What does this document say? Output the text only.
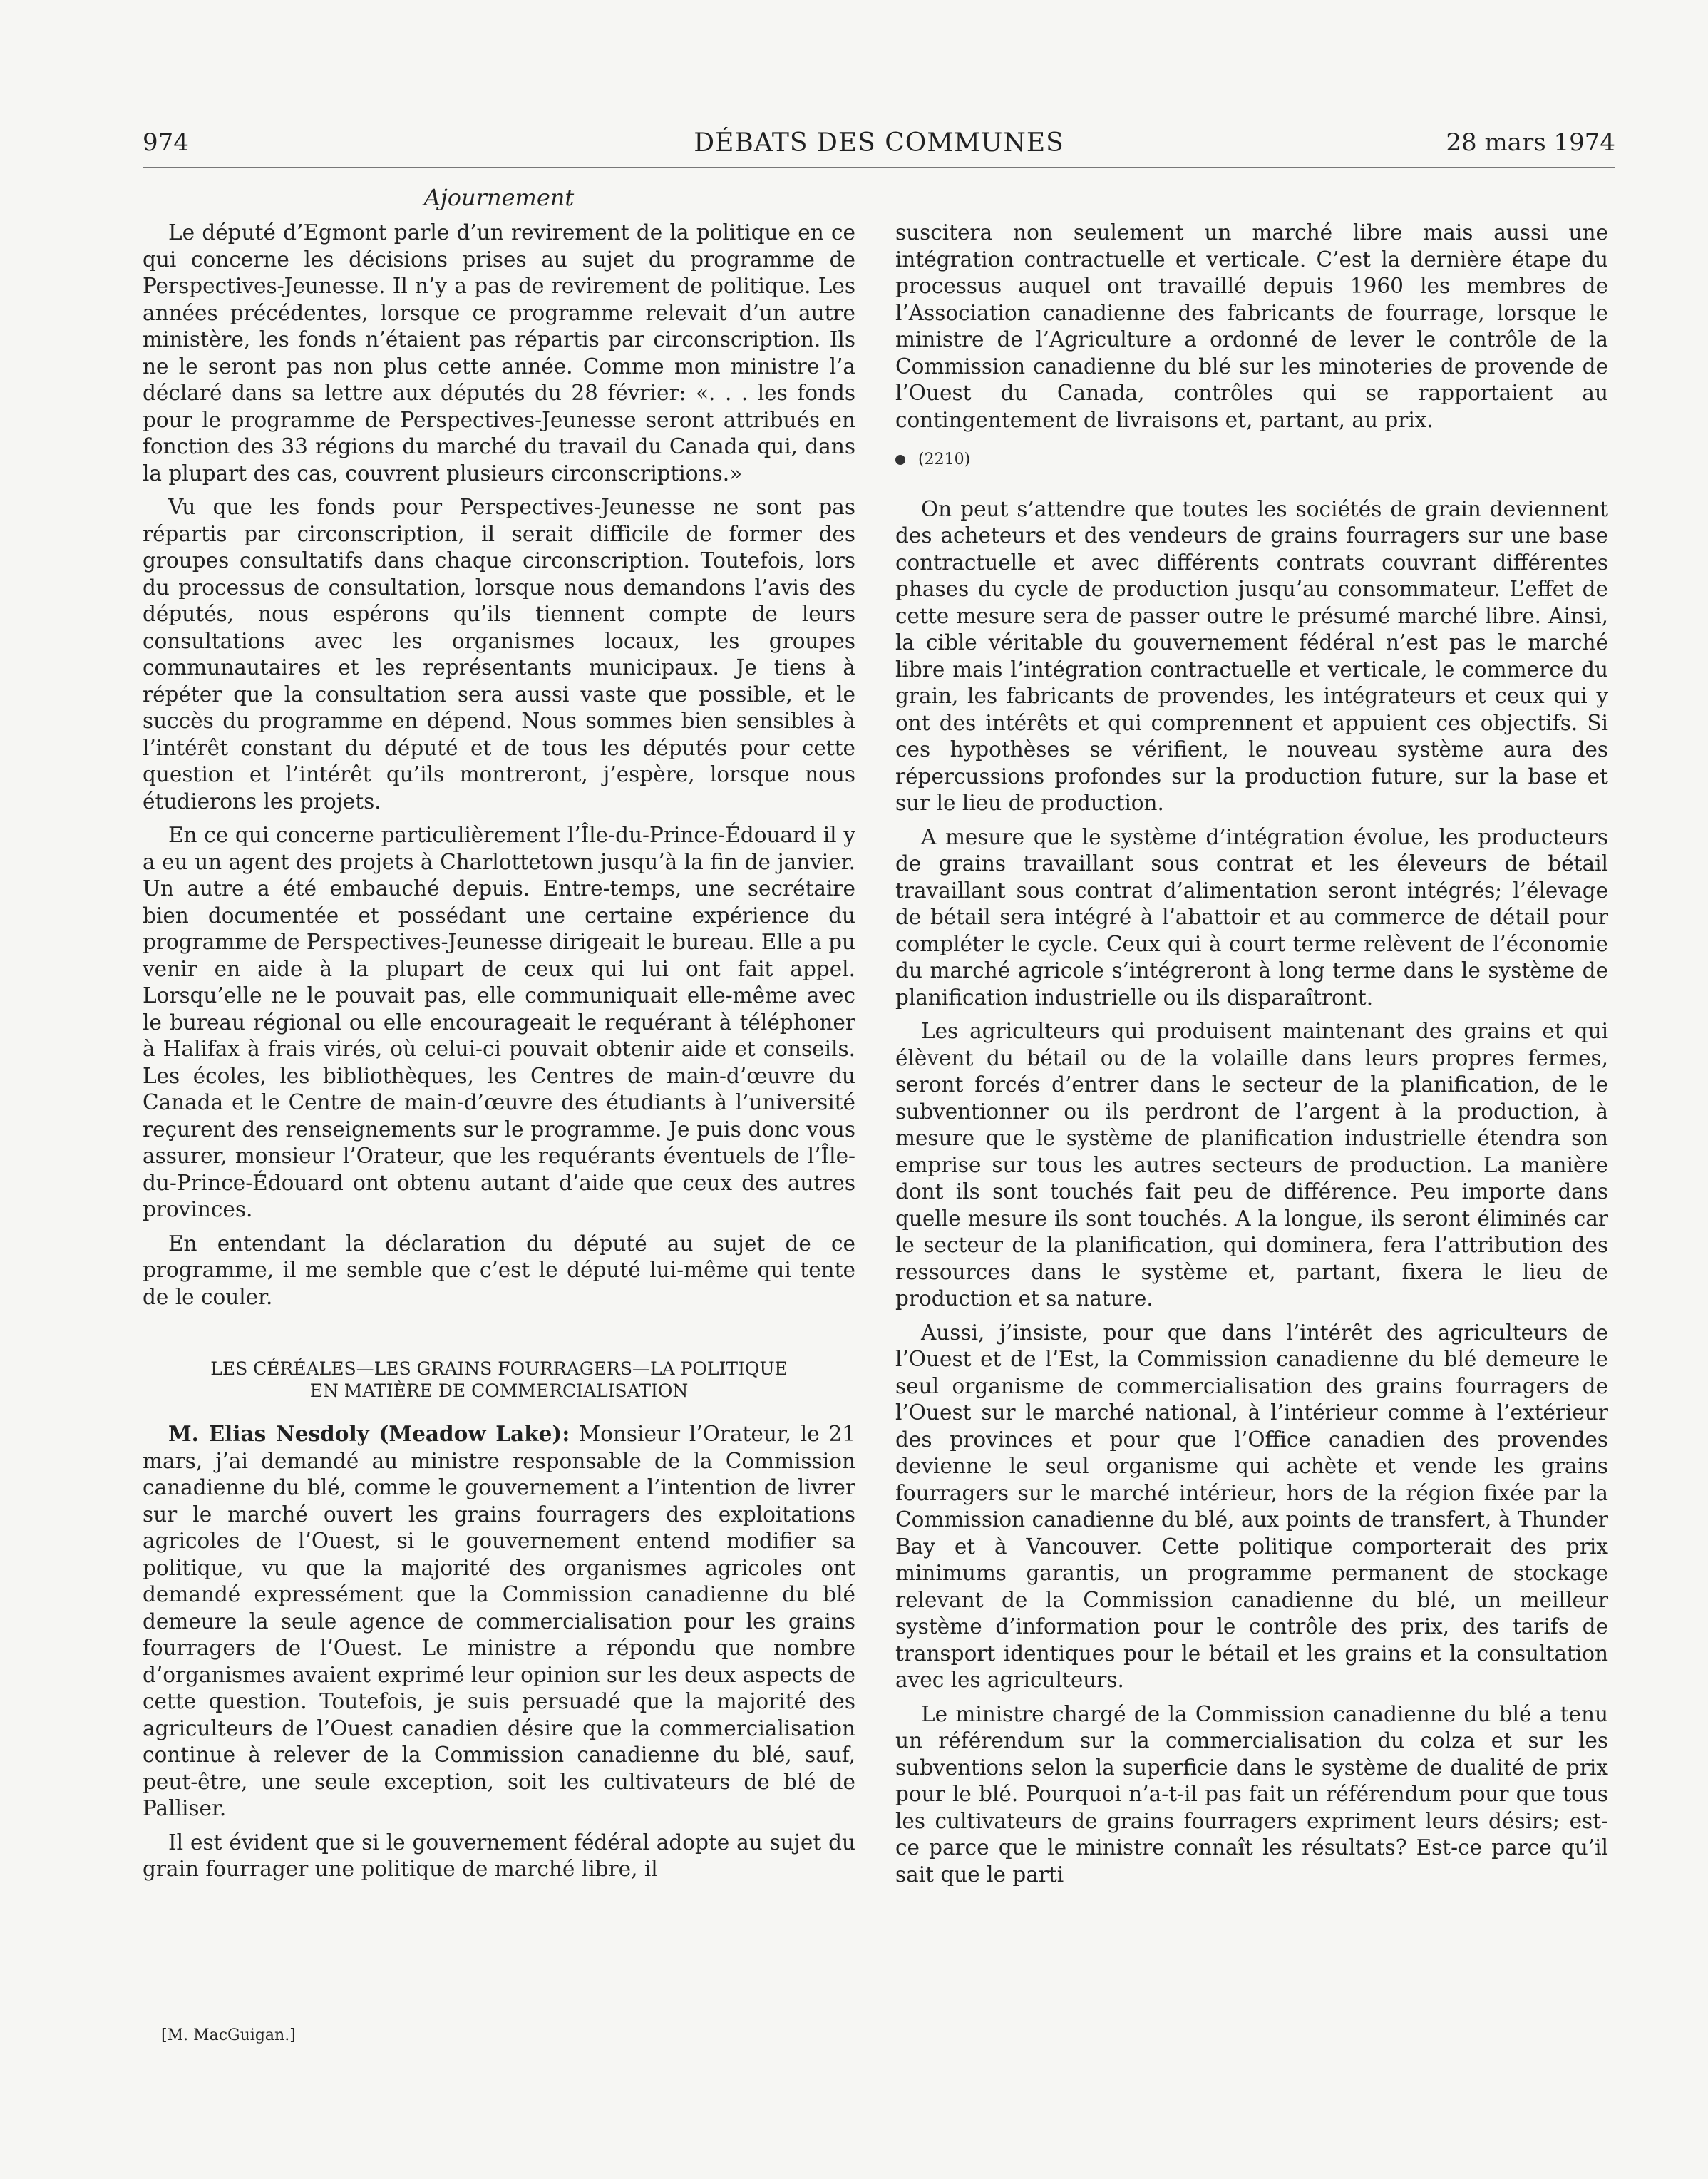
974	DÉBATS DES COMMUNES	28 mars 1974
Ajournement

Le député d’Egmont parle d’un revirement de la politique en ce qui concerne les décisions prises au sujet du programme de Perspectives-Jeunesse. Il n’y a pas de revirement de politique. Les années précédentes, lorsque ce programme relevait d’un autre ministère, les fonds n’étaient pas répartis par circonscription. Ils ne le seront pas non plus cette année. Comme mon ministre l’a déclaré dans sa lettre aux députés du 28 février: «. . . les fonds pour le programme de Perspectives-Jeunesse seront attribués en fonction des 33 régions du marché du travail du Canada qui, dans la plupart des cas, couvrent plusieurs circonscriptions.»

Vu que les fonds pour Perspectives-Jeunesse ne sont pas répartis par circonscription, il serait difficile de former des groupes consultatifs dans chaque circonscription. Toutefois, lors du processus de consultation, lorsque nous demandons l’avis des députés, nous espérons qu’ils tiennent compte de leurs consultations avec les organismes locaux, les groupes communautaires et les représentants municipaux. Je tiens à répéter que la consultation sera aussi vaste que possible, et le succès du programme en dépend. Nous sommes bien sensibles à l’intérêt constant du député et de tous les députés pour cette question et l’intérêt qu’ils montreront, j’espère, lorsque nous étudierons les projets.

En ce qui concerne particulièrement l’Île-du-Prince-Édouard il y a eu un agent des projets à Charlottetown jusqu’à la fin de janvier. Un autre a été embauché depuis. Entre-temps, une secrétaire bien documentée et possédant une certaine expérience du programme de Perspectives-Jeunesse dirigeait le bureau. Elle a pu venir en aide à la plupart de ceux qui lui ont fait appel. Lorsqu’elle ne le pouvait pas, elle communiquait elle-même avec le bureau régional ou elle encourageait le requérant à téléphoner à Halifax à frais virés, où celui-ci pouvait obtenir aide et conseils. Les écoles, les bibliothèques, les Centres de main-d’œuvre du Canada et le Centre de main-d’œuvre des étudiants à l’université reçurent des renseignements sur le programme. Je puis donc vous assurer, monsieur l’Orateur, que les requérants éventuels de l’Île-du-Prince-Édouard ont obtenu autant d’aide que ceux des autres provinces.

En entendant la déclaration du député au sujet de ce programme, il me semble que c’est le député lui-même qui tente de le couler.

LES CÉRÉALES—LES GRAINS FOURRAGERS—LA POLITIQUE
EN MATIÈRE DE COMMERCIALISATION

M. Elias Nesdoly (Meadow Lake): Monsieur l’Orateur, le 21 mars, j’ai demandé au ministre responsable de la Commission canadienne du blé, comme le gouvernement a l’intention de livrer sur le marché ouvert les grains fourragers des exploitations agricoles de l’Ouest, si le gouvernement entend modifier sa politique, vu que la majorité des organismes agricoles ont demandé expressément que la Commission canadienne du blé demeure la seule agence de commercialisation pour les grains fourragers de l’Ouest. Le ministre a répondu que nombre d’organismes avaient exprimé leur opinion sur les deux aspects de cette question. Toutefois, je suis persuadé que la majorité des agriculteurs de l’Ouest canadien désire que la commercialisation continue à relever de la Commission canadienne du blé, sauf, peut-être, une seule exception, soit les cultivateurs de blé de Palliser.

Il est évident que si le gouvernement fédéral adopte au sujet du grain fourrager une politique de marché libre, il

[M. MacGuigan.]

suscitera non seulement un marché libre mais aussi une intégration contractuelle et verticale. C’est la dernière étape du processus auquel ont travaillé depuis 1960 les membres de l’Association canadienne des fabricants de fourrage, lorsque le ministre de l’Agriculture a ordonné de lever le contrôle de la Commission canadienne du blé sur les minoteries de provende de l’Ouest du Canada, contrôles qui se rapportaient au contingentement de livraisons et, partant, au prix.

(2210)

On peut s’attendre que toutes les sociétés de grain deviennent des acheteurs et des vendeurs de grains fourragers sur une base contractuelle et avec différents contrats couvrant différentes phases du cycle de production jusqu’au consommateur. L’effet de cette mesure sera de passer outre le présumé marché libre. Ainsi, la cible véritable du gouvernement fédéral n’est pas le marché libre mais l’intégration contractuelle et verticale, le commerce du grain, les fabricants de provendes, les intégrateurs et ceux qui y ont des intérêts et qui comprennent et appuient ces objectifs. Si ces hypothèses se vérifient, le nouveau système aura des répercussions profondes sur la production future, sur la base et sur le lieu de production.

A mesure que le système d’intégration évolue, les producteurs de grains travaillant sous contrat et les éleveurs de bétail travaillant sous contrat d’alimentation seront intégrés; l’élevage de bétail sera intégré à l’abattoir et au commerce de détail pour compléter le cycle. Ceux qui à court terme relèvent de l’économie du marché agricole s’intégreront à long terme dans le système de planification industrielle ou ils disparaîtront.

Les agriculteurs qui produisent maintenant des grains et qui élèvent du bétail ou de la volaille dans leurs propres fermes, seront forcés d’entrer dans le secteur de la planification, de le subventionner ou ils perdront de l’argent à la production, à mesure que le système de planification industrielle étendra son emprise sur tous les autres secteurs de production. La manière dont ils sont touchés fait peu de différence. Peu importe dans quelle mesure ils sont touchés. A la longue, ils seront éliminés car le secteur de la planification, qui dominera, fera l’attribution des ressources dans le système et, partant, fixera le lieu de production et sa nature.

Aussi, j’insiste, pour que dans l’intérêt des agriculteurs de l’Ouest et de l’Est, la Commission canadienne du blé demeure le seul organisme de commercialisation des grains fourragers de l’Ouest sur le marché national, à l’intérieur comme à l’extérieur des provinces et pour que l’Office canadien des provendes devienne le seul organisme qui achète et vende les grains fourragers sur le marché intérieur, hors de la région fixée par la Commission canadienne du blé, aux points de transfert, à Thunder Bay et à Vancouver. Cette politique comporterait des prix minimums garantis, un programme permanent de stockage relevant de la Commission canadienne du blé, un meilleur système d’information pour le contrôle des prix, des tarifs de transport identiques pour le bétail et les grains et la consultation avec les agriculteurs.

Le ministre chargé de la Commission canadienne du blé a tenu un référendum sur la commercialisation du colza et sur les subventions selon la superficie dans le système de dualité de prix pour le blé. Pourquoi n’a-t-il pas fait un référendum pour que tous les cultivateurs de grains fourragers expriment leurs désirs; est-ce parce que le ministre connaît les résultats? Est-ce parce qu’il sait que le parti
